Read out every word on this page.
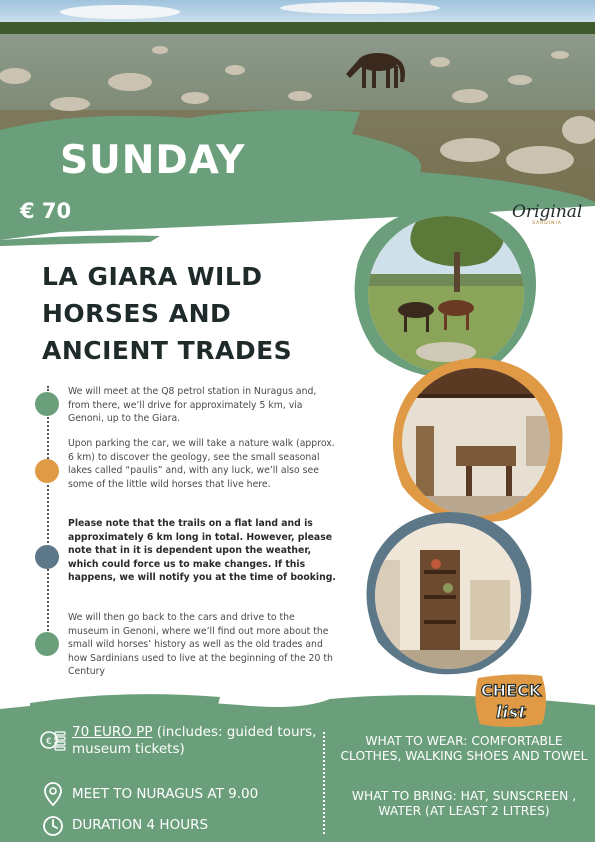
SUNDAY
€ 70	Original
SARDINIA
LA GIARA WILD
HORSES AND
ANCIENT TRADES
We will meet at the Q8 petrol station in Nuragus and, from there, we’ll drive for approximately 5 km, via Genoni, up to the Giara.
Upon parking the car, we will take a nature walk (approx. 6 km) to discover the geology, see the small seasonal lakes called “paulis” and, with any luck, we’ll also see some of the little wild horses that live here.
Please note that the trails on a flat land and is approximately 6 km long in total. However, please note that in it is dependent upon the weather, which could force us to make changes. If this happens, we will notify you at the time of booking.
We will then go back to the cars and drive to the museum in Genoni, where we’ll find out more about the small wild horses’ history as well as the old trades and how Sardinians used to live at the beginning of the 20 th Century
CHECK
list
€
70 EURO PP (includes: guided tours, museum tickets)
MEET TO NURAGUS AT 9.00
DURATION 4 HOURS
WHAT TO WEAR: COMFORTABLE CLOTHES, WALKING SHOES AND TOWEL
WHAT TO BRING: HAT, SUNSCREEN , WATER (AT LEAST 2 LITRES)
